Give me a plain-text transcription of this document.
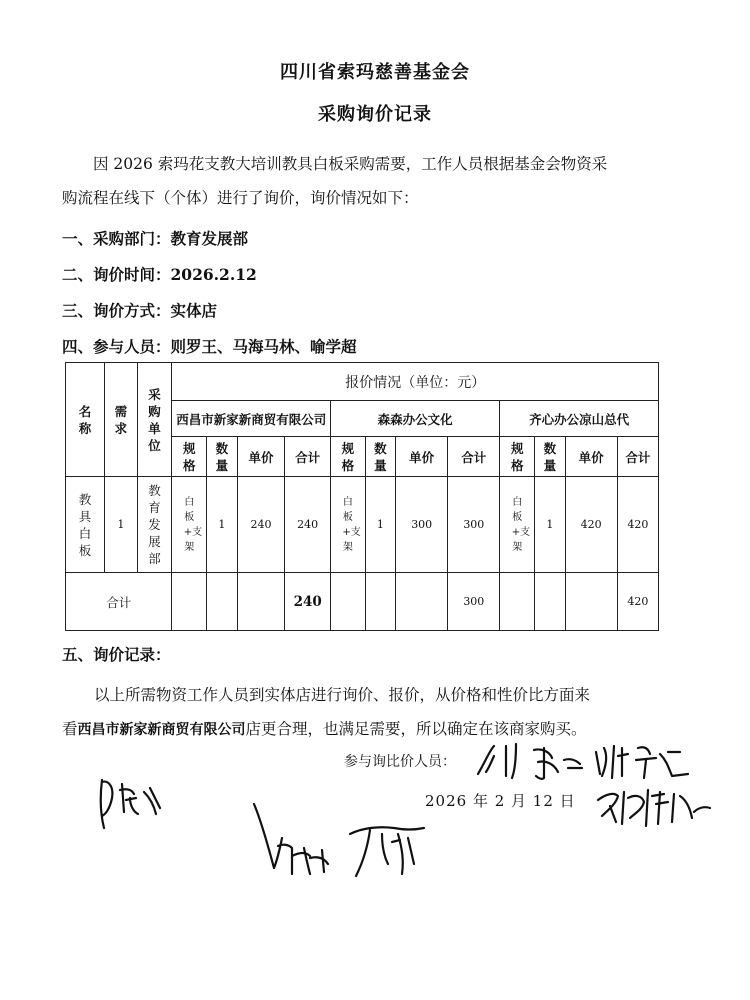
四川省索玛慈善基金会
采购询价记录
因 2026 索玛花支教大培训教具白板采购需要，工作人员根据基金会物资采
购流程在线下（个体）进行了询价，询价情况如下：
一、采购部门：教育发展部
二、询价时间：2026.2.12
三、询价方式：实体店
四、参与人员：则罗王、马海马林、喻学超
名称	需求	采购单位	报价情况（单位：元）											
			西昌市新家新商贸有限公司				森森办公文化				齐心办公凉山总代			
			规格	数量	单价	合计	规格	数量	单价	合计	规格	数量	单价	合计
教具白板	1	教育发展部	白板+支架	1	240	240	白板+支架	1	300	300	白板+支架	1	420	420
合计						240				300				420
五、询价记录：
以上所需物资工作人员到实体店进行询价、报价，从价格和性价比方面来
看西昌市新家新商贸有限公司店更合理，也满足需要，所以确定在该商家购买。
参与询比价人员：
2026 年 2 月 12 日
